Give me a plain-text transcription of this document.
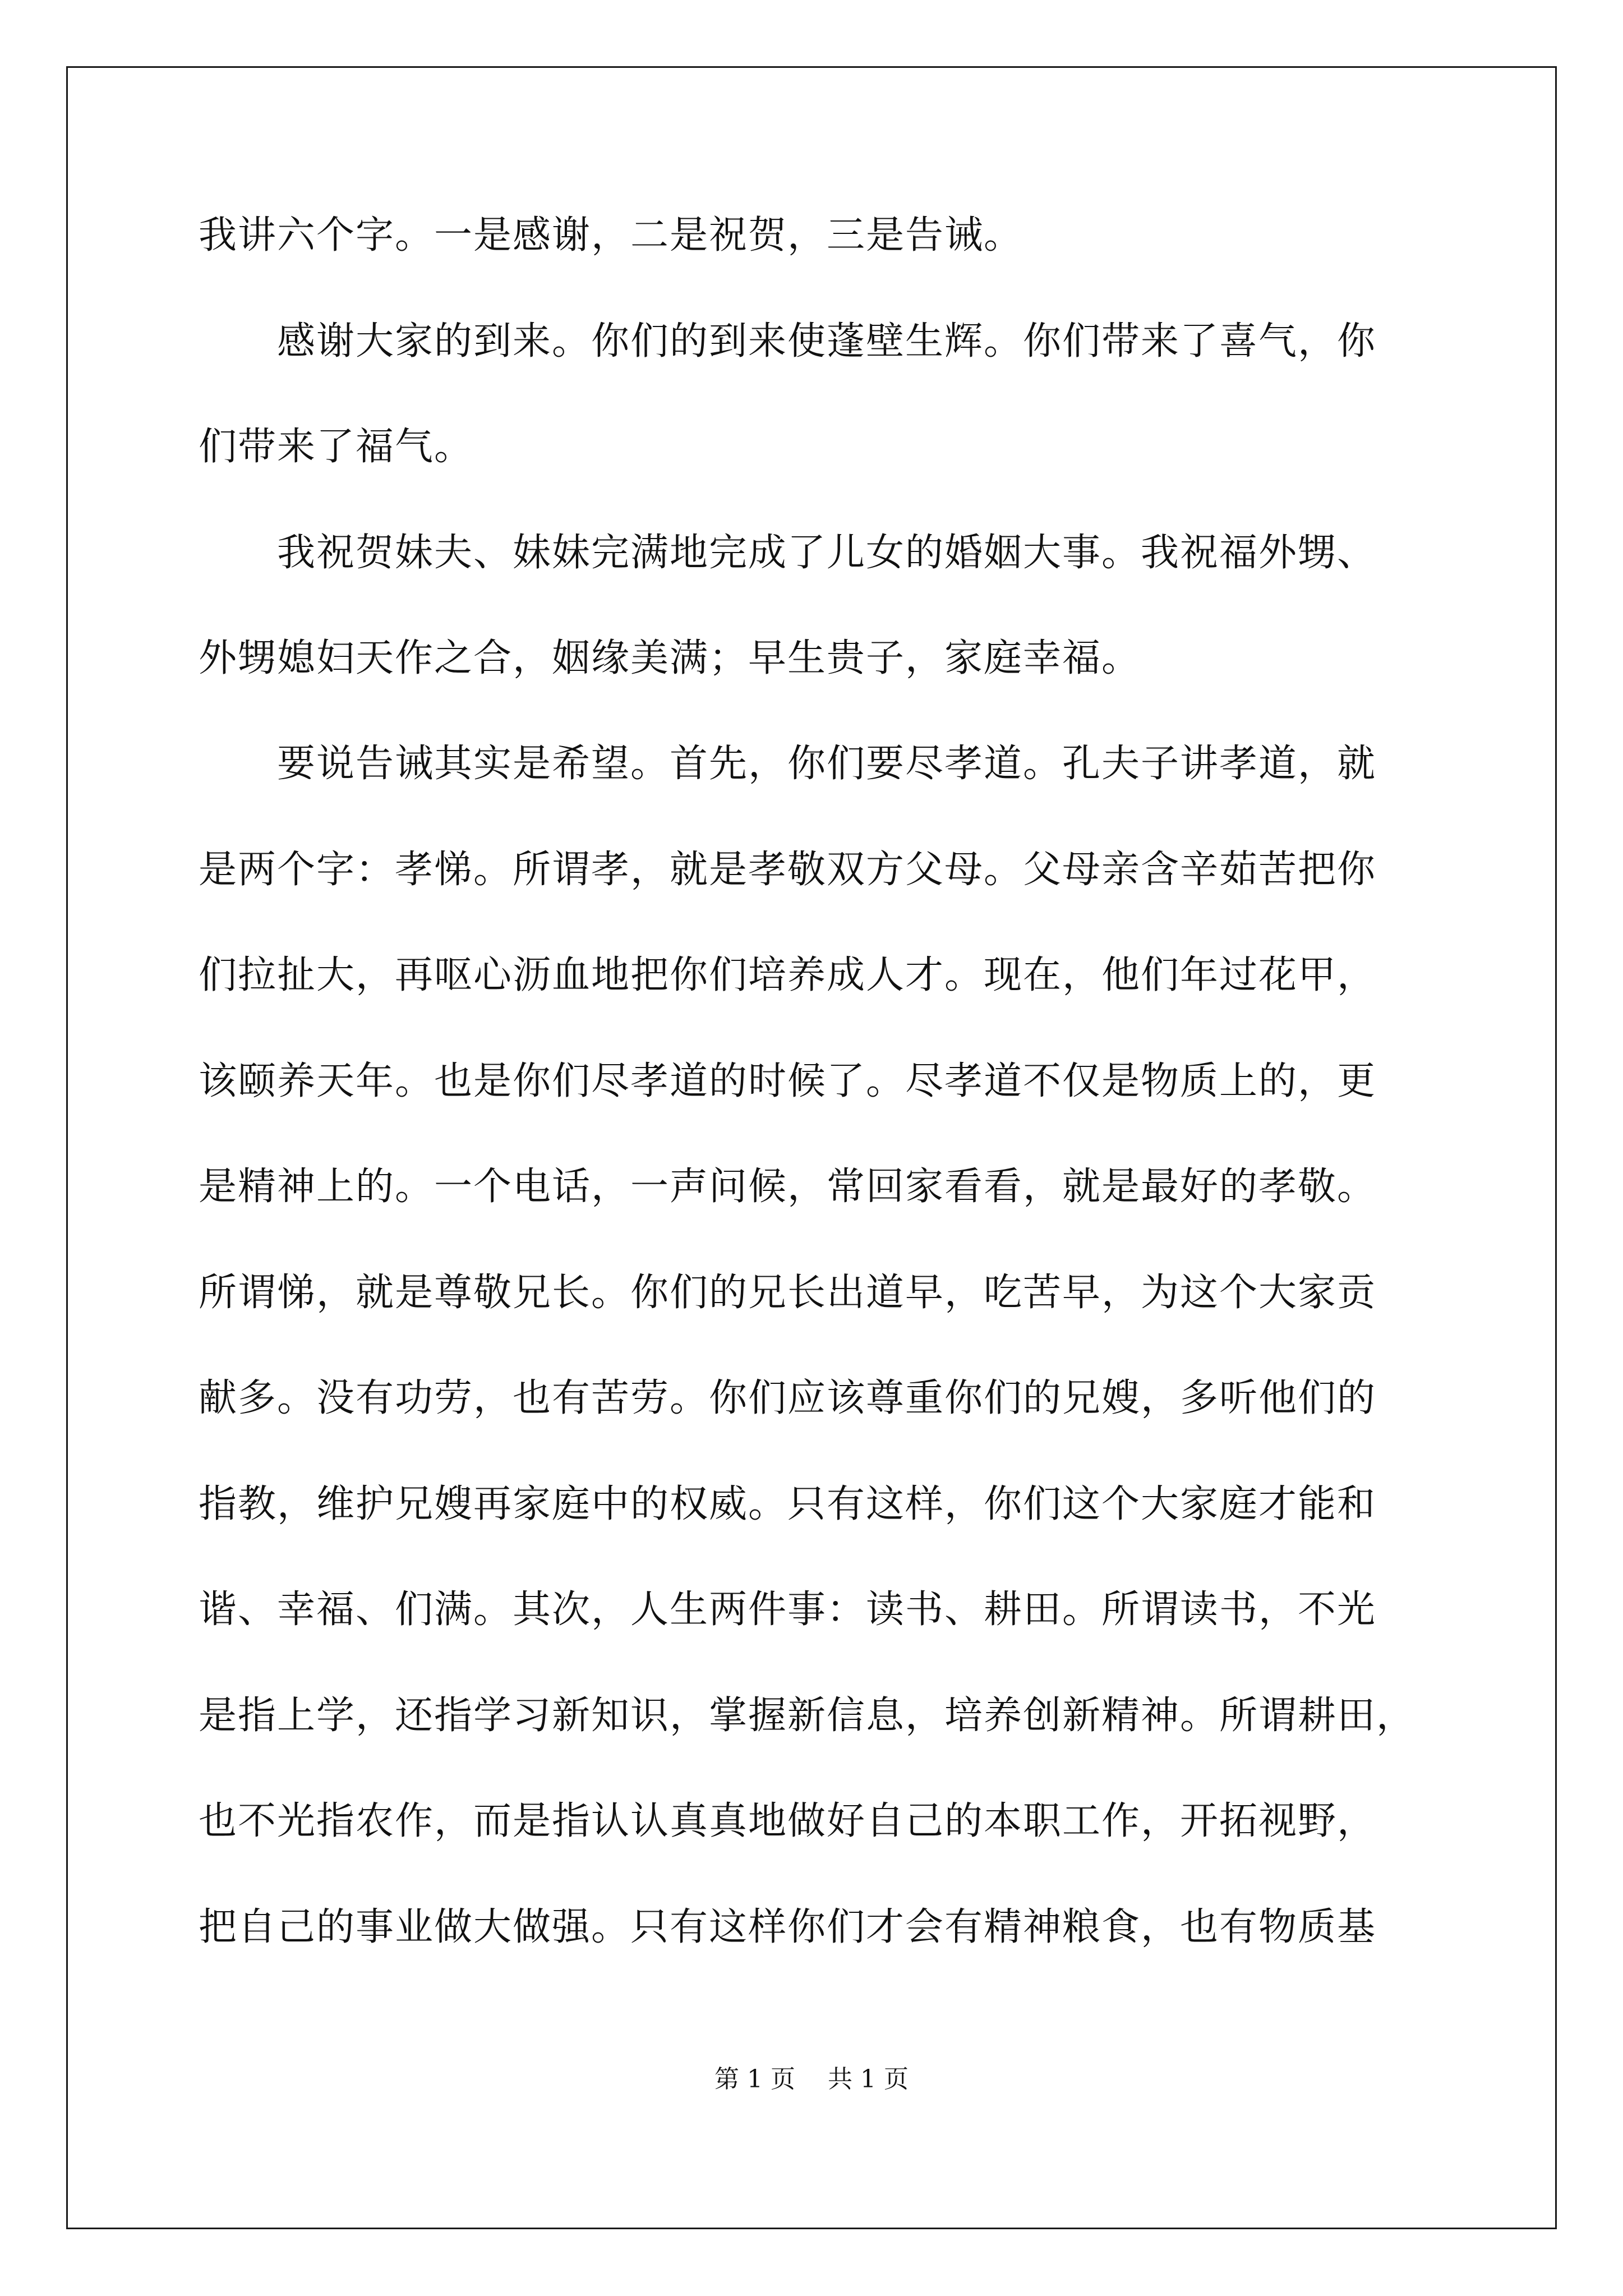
我讲六个字。一是感谢，二是祝贺，三是告诫。
　　感谢大家的到来。你们的到来使蓬壁生辉。你们带来了喜气，你
们带来了福气。
　　我祝贺妹夫、妹妹完满地完成了儿女的婚姻大事。我祝福外甥、
外甥媳妇天作之合，姻缘美满；早生贵子，家庭幸福。
　　要说告诫其实是希望。首先，你们要尽孝道。孔夫子讲孝道，就
是两个字：孝悌。所谓孝，就是孝敬双方父母。父母亲含辛茹苦把你
们拉扯大，再呕心沥血地把你们培养成人才。现在，他们年过花甲，
该颐养天年。也是你们尽孝道的时候了。尽孝道不仅是物质上的，更
是精神上的。一个电话，一声问候，常回家看看，就是最好的孝敬。
所谓悌，就是尊敬兄长。你们的兄长出道早，吃苦早，为这个大家贡
献多。没有功劳，也有苦劳。你们应该尊重你们的兄嫂，多听他们的
指教，维护兄嫂再家庭中的权威。只有这样，你们这个大家庭才能和
谐、幸福、们满。其次，人生两件事：读书、耕田。所谓读书，不光
是指上学，还指学习新知识，掌握新信息，培养创新精神。所谓耕田，
也不光指农作，而是指认认真真地做好自己的本职工作，开拓视野，
把自己的事业做大做强。只有这样你们才会有精神粮食，也有物质基
第 1 页　 共 1 页
